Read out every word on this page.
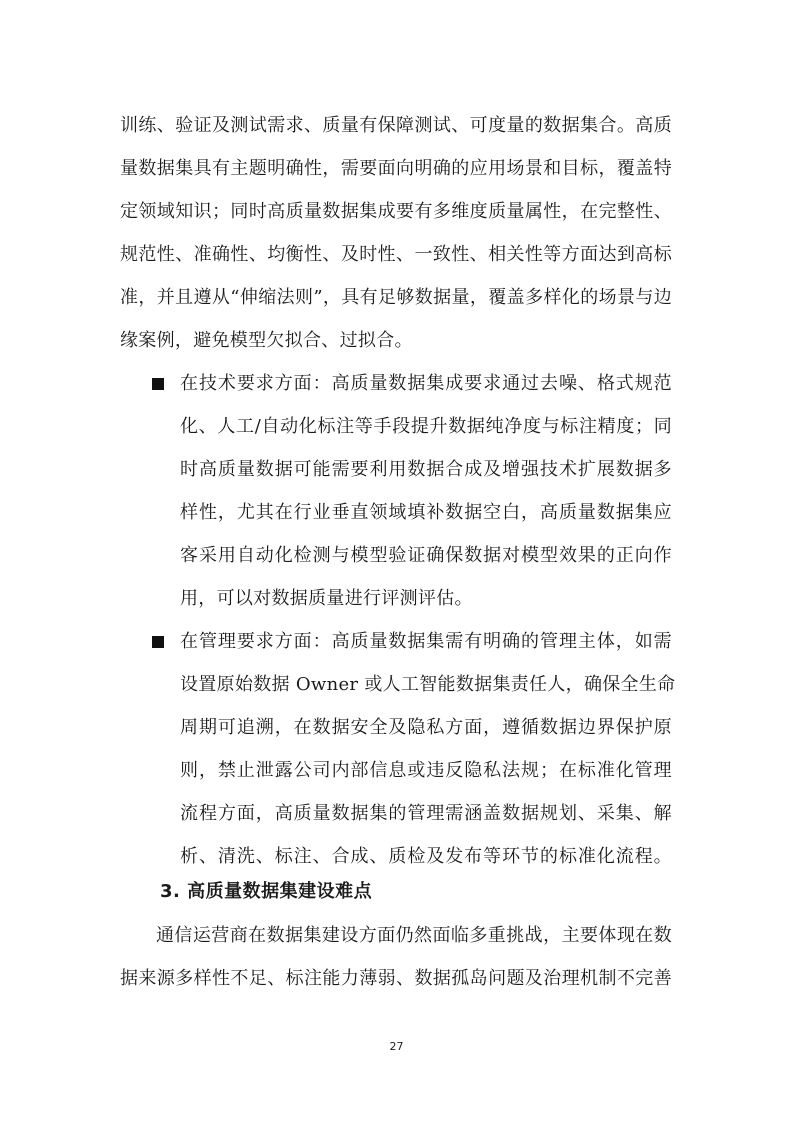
训练、验证及测试需求、质量有保障测试、可度量的数据集合。高质
量数据集具有主题明确性，需要面向明确的应用场景和目标，覆盖特
定领域知识；同时高质量数据集成要有多维度质量属性，在完整性、
规范性、准确性、均衡性、及时性、一致性、相关性等方面达到高标
准，并且遵从“伸缩法则”，具有足够数据量，覆盖多样化的场景与边
缘案例，避免模型欠拟合、过拟合。
在技术要求方面：高质量数据集成要求通过去噪、格式规范
化、人工/自动化标注等手段提升数据纯净度与标注精度；同
时高质量数据可能需要利用数据合成及增强技术扩展数据多
样性，尤其在行业垂直领域填补数据空白，高质量数据集应
客采用自动化检测与模型验证确保数据对模型效果的正向作
用，可以对数据质量进行评测评估。
在管理要求方面：高质量数据集需有明确的管理主体，如需
设置原始数据 Owner 或人工智能数据集责任人，确保全生命
周期可追溯，在数据安全及隐私方面，遵循数据边界保护原
则，禁止泄露公司内部信息或违反隐私法规；在标准化管理
流程方面，高质量数据集的管理需涵盖数据规划、采集、解
析、清洗、标注、合成、质检及发布等环节的标准化流程。
3. 高质量数据集建设难点
通信运营商在数据集建设方面仍然面临多重挑战，主要体现在数
据来源多样性不足、标注能力薄弱、数据孤岛问题及治理机制不完善
27
